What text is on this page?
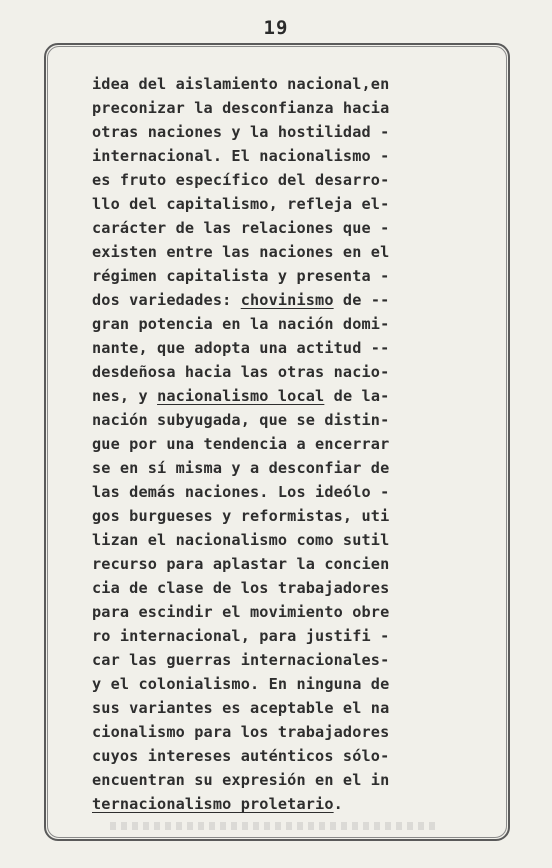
19
idea del aislamiento nacional,en
preconizar la desconfianza hacia
otras naciones y la hostilidad -
internacional. El nacionalismo -
es fruto específico del desarro-
llo del capitalismo, refleja el-
carácter de las relaciones que -
existen entre las naciones en el
régimen capitalista y presenta -
dos variedades: chovinismo de --
gran potencia en la nación domi-
nante, que adopta una actitud --
desdeñosa hacia las otras nacio-
nes, y nacionalismo local de la-
nación subyugada, que se distin-
gue por una tendencia a encerrar
se en sí misma y a desconfiar de
las demás naciones. Los ideólo -
gos burgueses y reformistas, uti
lizan el nacionalismo como sutil
recurso para aplastar la concien
cia de clase de los trabajadores
para escindir el movimiento obre
ro internacional, para justifi -
car las guerras internacionales-
y el colonialismo. En ninguna de
sus variantes es aceptable el na
cionalismo para los trabajadores
cuyos intereses auténticos sólo-
encuentran su expresión en el in
ternacionalismo proletario.
